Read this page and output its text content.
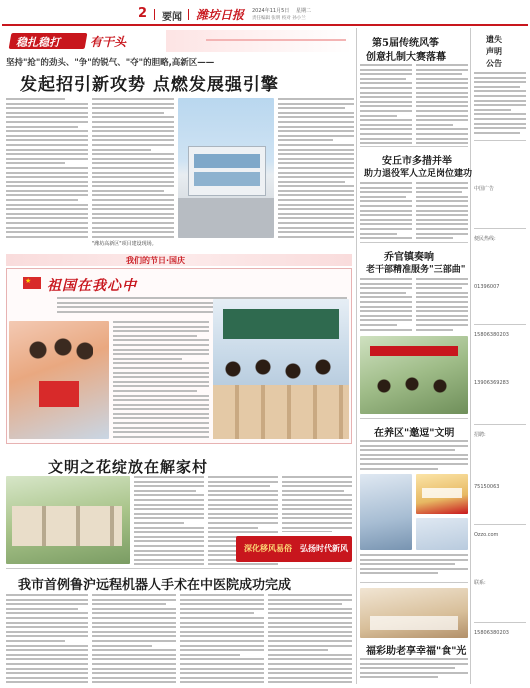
2 要闻 潍坊日报 2024年11月5日 星期二
责任编辑 张明 校对 孙小兰
稳扎稳打	有干头
坚持"抢"的劲头、"争"的锐气、"夺"的胆略,高新区——
发起招引新攻势 点燃发展强引擎
"潍坊高新区"项目建设现场。
我们的节日·国庆
祖国在我心中
★
文明之花绽放在解家村
深化移风易俗 弘扬时代新风
我市首例鲁沪远程机器人手术在中医院成功完成
第5届传统风筝
创意扎制大赛落幕
安丘市多措并举
助力退役军人立足岗位建功
乔官镇奏响
老干部精准服务"三部曲"
在养区"邀逗"文明
福彩助老享幸福"食"光
遗失
声明
公告
中国广告
便民热线:
01396007
15806380203
13906369283
招聘:
75150063
Ozzo.com
联系:
15806380203
